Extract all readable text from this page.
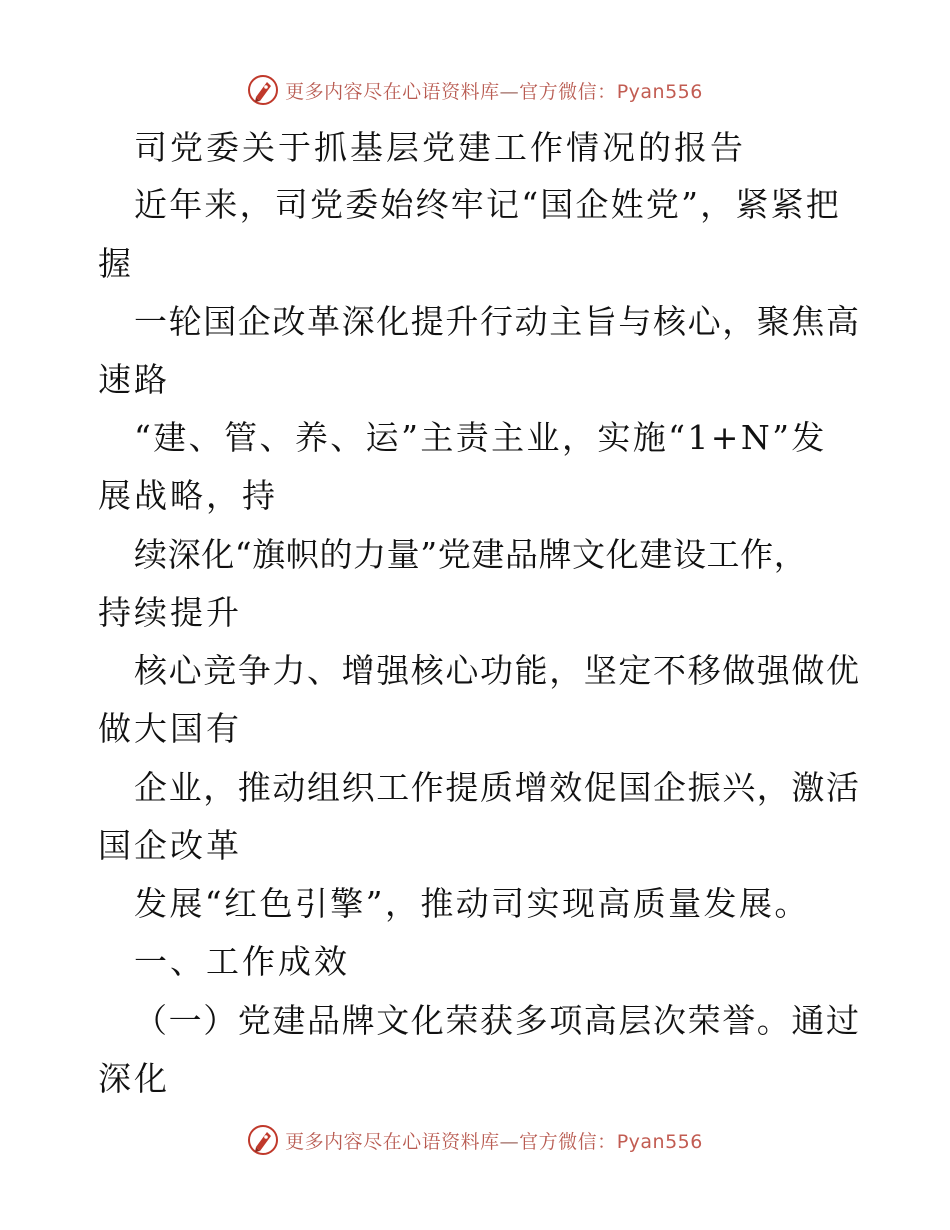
更多内容尽在心语资料库—官方微信：Pyan556
司党委关于抓基层党建工作情况的报告
近年来，司党委始终牢记“国企姓党”，紧紧把
握
一轮国企改革深化提升行动主旨与核心，聚焦高
速路
“建、管、养、运”主责主业，实施“1+N”发
展战略，持
续深化“旗帜的力量”党建品牌文化建设工作，
持续提升
核心竞争力、增强核心功能，坚定不移做强做优
做大国有
企业，推动组织工作提质增效促国企振兴，激活
国企改革
发展“红色引擎”，推动司实现高质量发展。
一、工作成效
（一）党建品牌文化荣获多项高层次荣誉。通过
深化
更多内容尽在心语资料库—官方微信：Pyan556
